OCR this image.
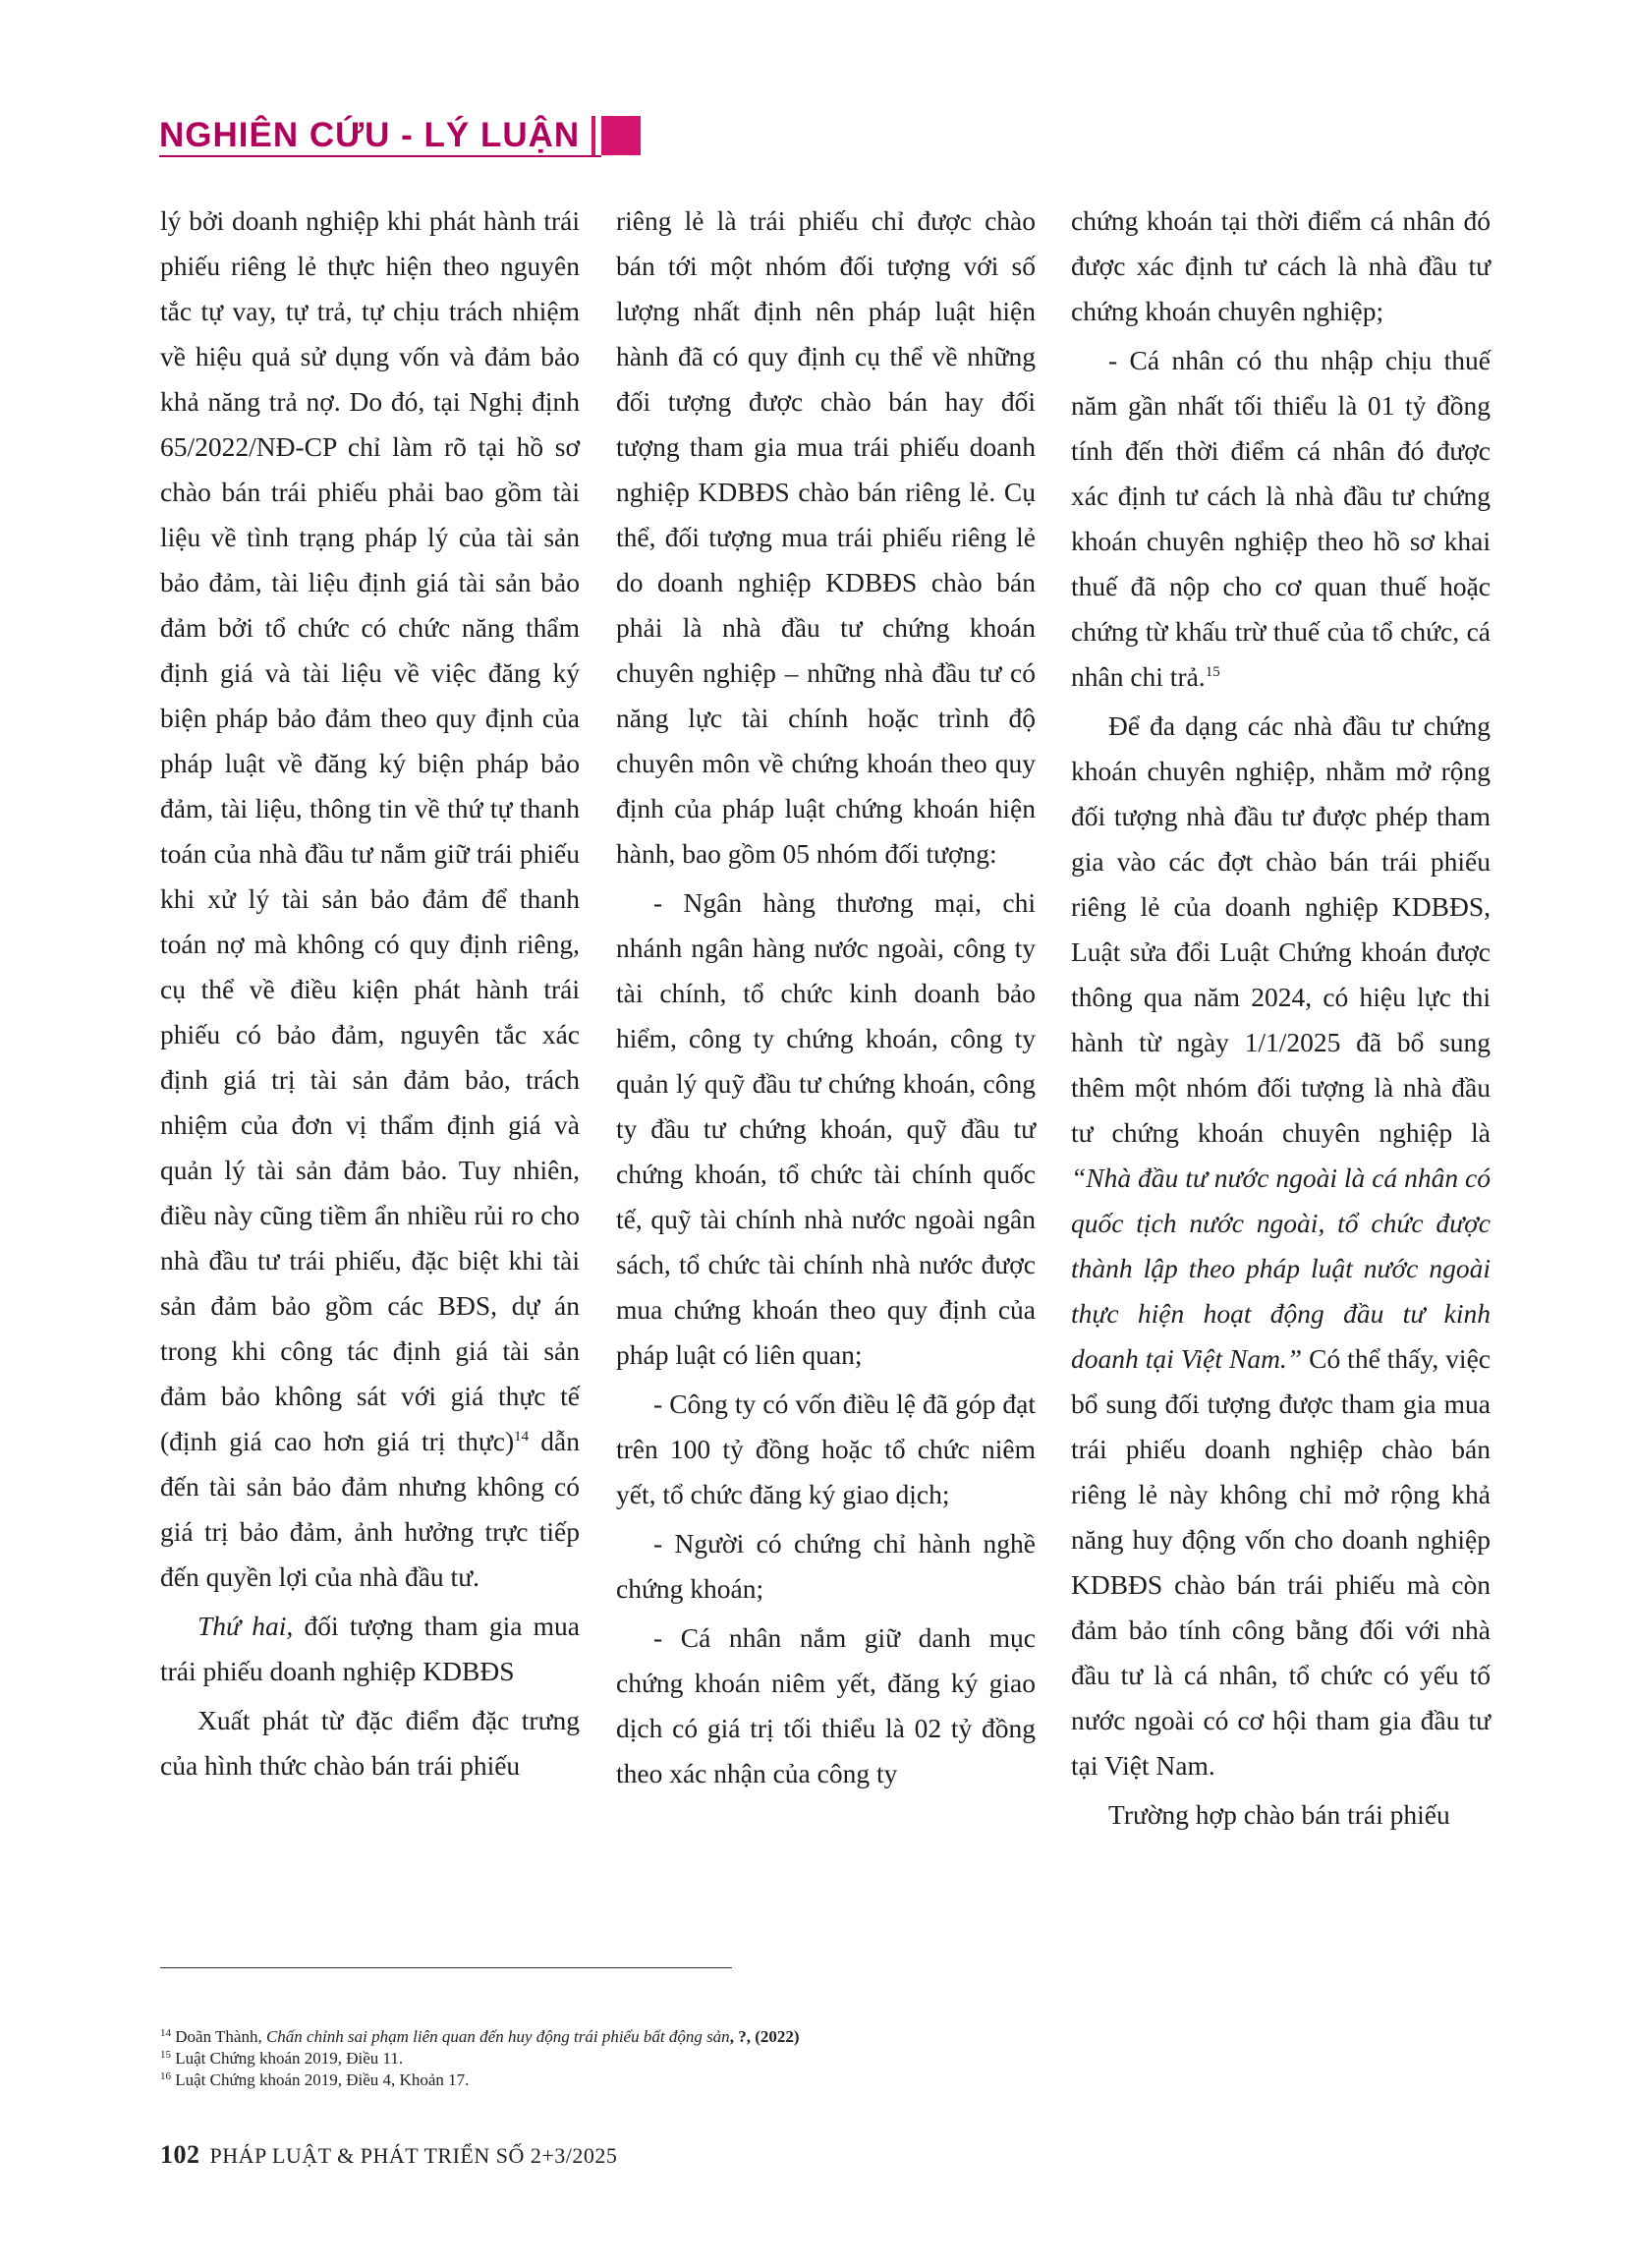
NGHIÊN CỨU - LÝ LUẬN

lý bởi doanh nghiệp khi phát hành trái phiếu riêng lẻ thực hiện theo nguyên tắc tự vay, tự trả, tự chịu trách nhiệm về hiệu quả sử dụng vốn và đảm bảo khả năng trả nợ. Do đó, tại Nghị định 65/2022/NĐ-CP chỉ làm rõ tại hồ sơ chào bán trái phiếu phải bao gồm tài liệu về tình trạng pháp lý của tài sản bảo đảm, tài liệu định giá tài sản bảo đảm bởi tổ chức có chức năng thẩm định giá và tài liệu về việc đăng ký biện pháp bảo đảm theo quy định của pháp luật về đăng ký biện pháp bảo đảm, tài liệu, thông tin về thứ tự thanh toán của nhà đầu tư nắm giữ trái phiếu khi xử lý tài sản bảo đảm để thanh toán nợ mà không có quy định riêng, cụ thể về điều kiện phát hành trái phiếu có bảo đảm, nguyên tắc xác định giá trị tài sản đảm bảo, trách nhiệm của đơn vị thẩm định giá và quản lý tài sản đảm bảo. Tuy nhiên, điều này cũng tiềm ẩn nhiều rủi ro cho nhà đầu tư trái phiếu, đặc biệt khi tài sản đảm bảo gồm các BĐS, dự án trong khi công tác định giá tài sản đảm bảo không sát với giá thực tế (định giá cao hơn giá trị thực)$^{14}$ dẫn đến tài sản bảo đảm nhưng không có giá trị bảo đảm, ảnh hưởng trực tiếp đến quyền lợi của nhà đầu tư.

Thứ hai, đối tượng tham gia mua trái phiếu doanh nghiệp KDBĐS

Xuất phát từ đặc điểm đặc trưng của hình thức chào bán trái phiếu

riêng lẻ là trái phiếu chỉ được chào bán tới một nhóm đối tượng với số lượng nhất định nên pháp luật hiện hành đã có quy định cụ thể về những đối tượng được chào bán hay đối tượng tham gia mua trái phiếu doanh nghiệp KDBĐS chào bán riêng lẻ. Cụ thể, đối tượng mua trái phiếu riêng lẻ do doanh nghiệp KDBĐS chào bán phải là nhà đầu tư chứng khoán chuyên nghiệp – những nhà đầu tư có năng lực tài chính hoặc trình độ chuyên môn về chứng khoán theo quy định của pháp luật chứng khoán hiện hành, bao gồm 05 nhóm đối tượng:

- Ngân hàng thương mại, chi nhánh ngân hàng nước ngoài, công ty tài chính, tổ chức kinh doanh bảo hiểm, công ty chứng khoán, công ty quản lý quỹ đầu tư chứng khoán, công ty đầu tư chứng khoán, quỹ đầu tư chứng khoán, tổ chức tài chính quốc tế, quỹ tài chính nhà nước ngoài ngân sách, tổ chức tài chính nhà nước được mua chứng khoán theo quy định của pháp luật có liên quan;

- Công ty có vốn điều lệ đã góp đạt trên 100 tỷ đồng hoặc tổ chức niêm yết, tổ chức đăng ký giao dịch;

- Người có chứng chỉ hành nghề chứng khoán;

- Cá nhân nắm giữ danh mục chứng khoán niêm yết, đăng ký giao dịch có giá trị tối thiểu là 02 tỷ đồng theo xác nhận của công ty

chứng khoán tại thời điểm cá nhân đó được xác định tư cách là nhà đầu tư chứng khoán chuyên nghiệp;

- Cá nhân có thu nhập chịu thuế năm gần nhất tối thiểu là 01 tỷ đồng tính đến thời điểm cá nhân đó được xác định tư cách là nhà đầu tư chứng khoán chuyên nghiệp theo hồ sơ khai thuế đã nộp cho cơ quan thuế hoặc chứng từ khấu trừ thuế của tổ chức, cá nhân chi trả.$^{15}$

Để đa dạng các nhà đầu tư chứng khoán chuyên nghiệp, nhằm mở rộng đối tượng nhà đầu tư được phép tham gia vào các đợt chào bán trái phiếu riêng lẻ của doanh nghiệp KDBĐS, Luật sửa đổi Luật Chứng khoán được thông qua năm 2024, có hiệu lực thi hành từ ngày 1/1/2025 đã bổ sung thêm một nhóm đối tượng là nhà đầu tư chứng khoán chuyên nghiệp là “Nhà đầu tư nước ngoài là cá nhân có quốc tịch nước ngoài, tổ chức được thành lập theo pháp luật nước ngoài thực hiện hoạt động đầu tư kinh doanh tại Việt Nam.” Có thể thấy, việc bổ sung đối tượng được tham gia mua trái phiếu doanh nghiệp chào bán riêng lẻ này không chỉ mở rộng khả năng huy động vốn cho doanh nghiệp KDBĐS chào bán trái phiếu mà còn đảm bảo tính công bằng đối với nhà đầu tư là cá nhân, tổ chức có yếu tố nước ngoài có cơ hội tham gia đầu tư tại Việt Nam.

Trường hợp chào bán trái phiếu

$^{14}$ Doãn Thành, Chấn chỉnh sai phạm liên quan đến huy động trái phiếu bất động sản, ?, (2022)
$^{15}$ Luật Chứng khoán 2019, Điều 11.
$^{16}$ Luật Chứng khoán 2019, Điều 4, Khoản 17.
102 PHÁP LUẬT & PHÁT TRIỂN SỐ 2+3/2025
